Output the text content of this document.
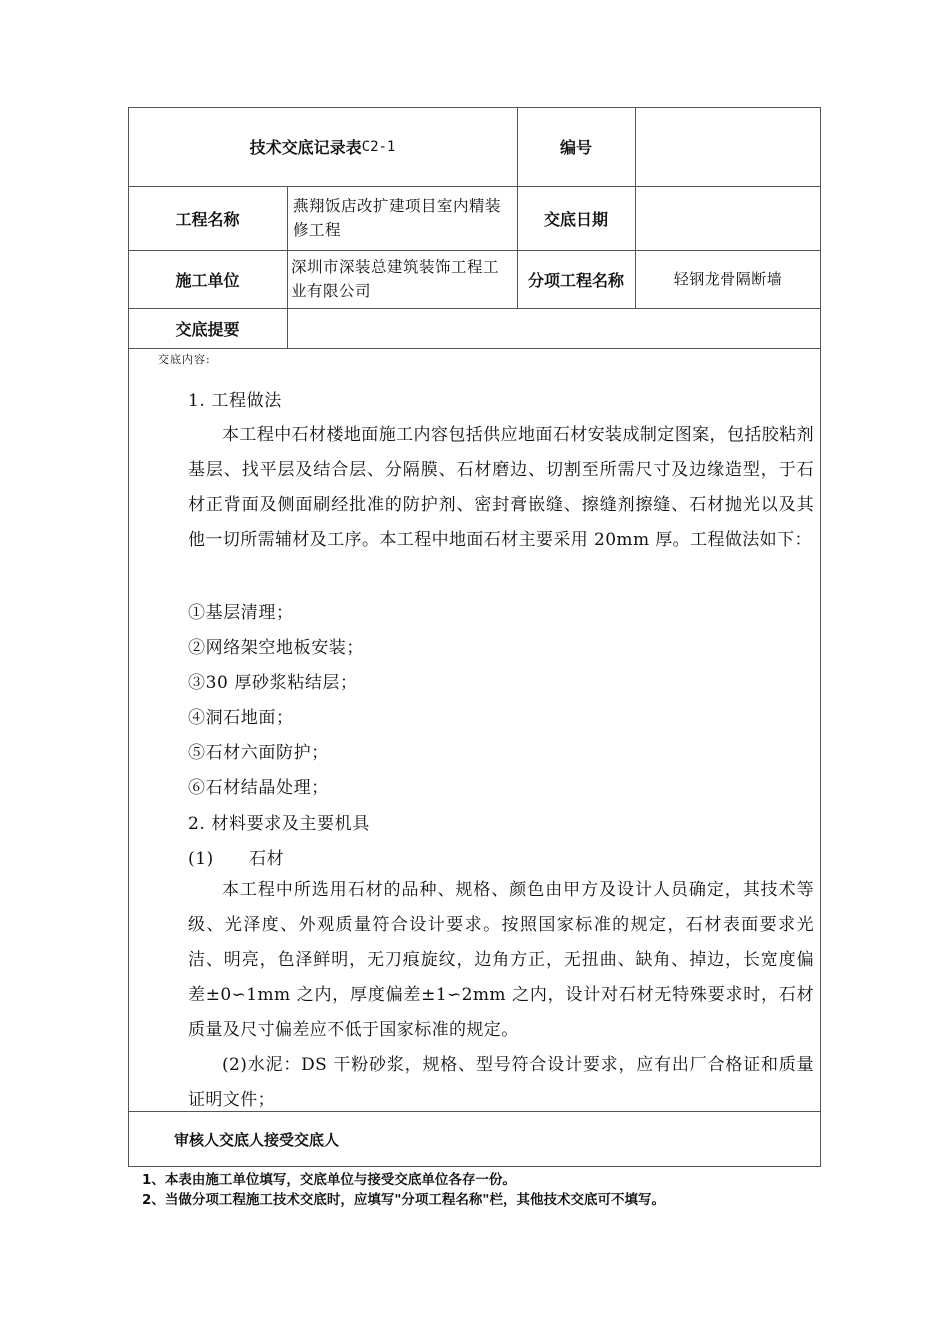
技术交底记录表 C2-1	编号
工程名称
燕翔饭店改扩建项目室内精装修工程
交底日期
施工单位
深圳市深装总建筑装饰工程工业有限公司
分项工程名称	轻钢龙骨隔断墙
交底提要
交底内容:
1. 工程做法
本工程中石材楼地面施工内容包括供应地面石材安装成制定图案，包括胶粘剂基层、找平层及结合层、分隔膜、石材磨边、切割至所需尺寸及边缘造型，于石材正背面及侧面刷经批准的防护剂、密封膏嵌缝、擦缝剂擦缝、石材抛光以及其他一切所需辅材及工序。本工程中地面石材主要采用 20mm 厚。工程做法如下：
①基层清理；
②网络架空地板安装；
③30 厚砂浆粘结层；
④洞石地面；
⑤石材六面防护；
⑥石材结晶处理；
2. 材料要求及主要机具
(1)　　石材
本工程中所选用石材的品种、规格、颜色由甲方及设计人员确定，其技术等级、光泽度、外观质量符合设计要求。按照国家标准的规定，石材表面要求光洁、明亮，色泽鲜明，无刀痕旋纹，边角方正，无扭曲、缺角、掉边，长宽度偏差±0∽1mm 之内，厚度偏差±1∽2mm 之内，设计对石材无特殊要求时，石材质量及尺寸偏差应不低于国家标准的规定。
(2)水泥：DS 干粉砂浆，规格、型号符合设计要求，应有出厂合格证和质量证明文件；
审核人交底人接受交底人
1、本表由施工单位填写，交底单位与接受交底单位各存一份。
2、当做分项工程施工技术交底时，应填写"分项工程名称"栏，其他技术交底可不填写。
